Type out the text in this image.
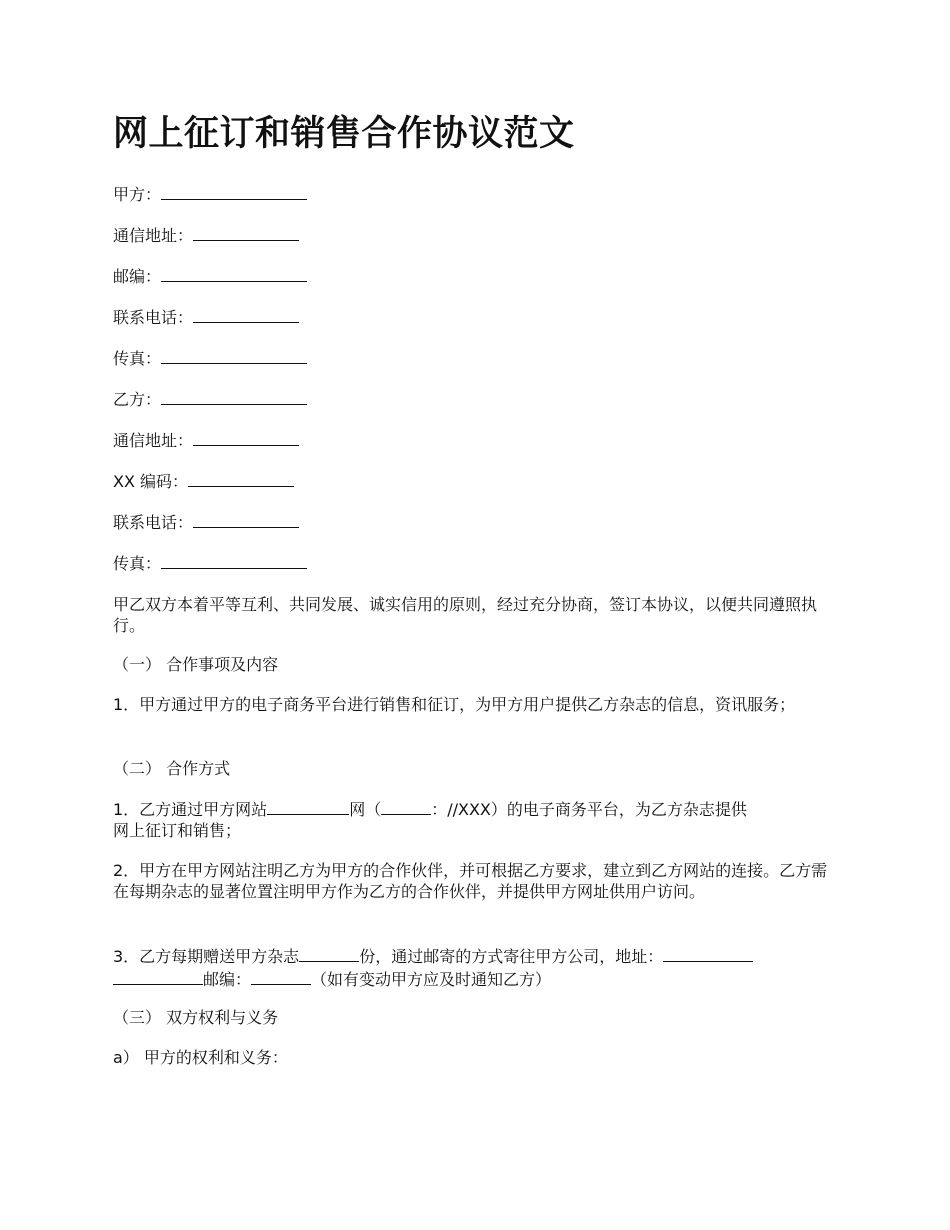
网上征订和销售合作协议范文

甲方：

通信地址：

邮编：

联系电话：

传真：

乙方：

通信地址：

XX 编码：

联系电话：

传真：

甲乙双方本着平等互利、共同发展、诚实信用的原则，经过充分协商，签订本协议，以便共同遵照执行。

（一） 合作事项及内容

1．甲方通过甲方的电子商务平台进行销售和征订，为甲方用户提供乙方杂志的信息，资讯服务；

（二） 合作方式

1．乙方通过甲方网站	网（	：//XXX）的电子商务平台，为乙方杂志提供
网上征订和销售；

2．甲方在甲方网站注明乙方为甲方的合作伙伴，并可根据乙方要求，建立到乙方网站的连接。乙方需在每期杂志的显著位置注明甲方作为乙方的合作伙伴，并提供甲方网址供用户访问。

3．乙方每期赠送甲方杂志	份，通过邮寄的方式寄往甲方公司，地址：
邮编：	（如有变动甲方应及时通知乙方）

（三） 双方权利与义务

a） 甲方的权利和义务：
